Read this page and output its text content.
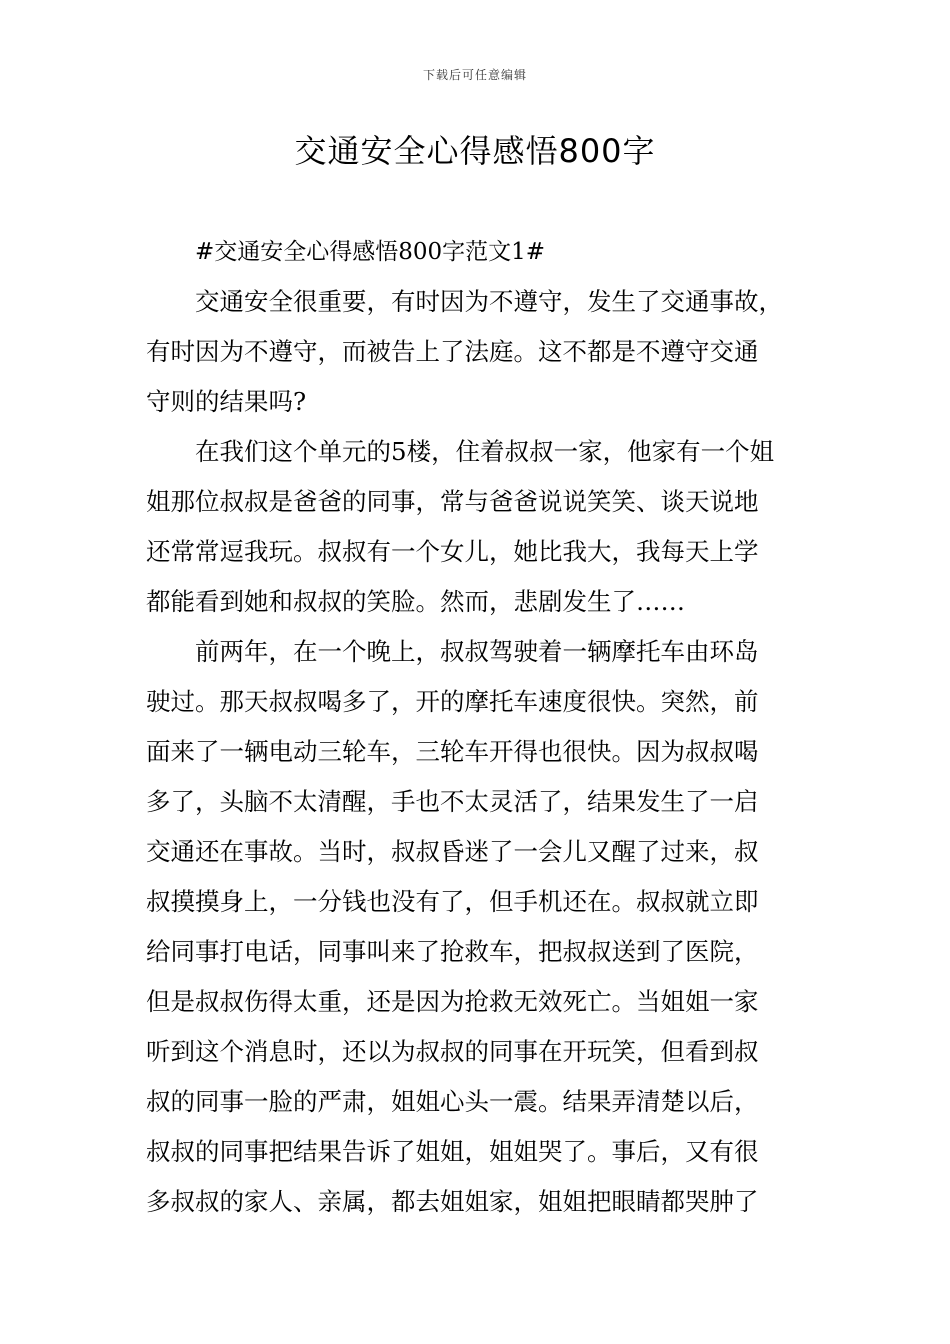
下载后可任意编辑
交通安全心得感悟800字
#交通安全心得感悟800字范文1#
交通安全很重要，有时因为不遵守，发生了交通事故，
有时因为不遵守，而被告上了法庭。这不都是不遵守交通
守则的结果吗?
在我们这个单元的5楼，住着叔叔一家，他家有一个姐
姐那位叔叔是爸爸的同事，常与爸爸说说笑笑、谈天说地
还常常逗我玩。叔叔有一个女儿，她比我大，我每天上学
都能看到她和叔叔的笑脸。然而，悲剧发生了……
前两年，在一个晚上，叔叔驾驶着一辆摩托车由环岛
驶过。那天叔叔喝多了，开的摩托车速度很快。突然，前
面来了一辆电动三轮车，三轮车开得也很快。因为叔叔喝
多了，头脑不太清醒，手也不太灵活了，结果发生了一启
交通还在事故。当时，叔叔昏迷了一会儿又醒了过来，叔
叔摸摸身上，一分钱也没有了，但手机还在。叔叔就立即
给同事打电话，同事叫来了抢救车，把叔叔送到了医院，
但是叔叔伤得太重，还是因为抢救无效死亡。当姐姐一家
听到这个消息时，还以为叔叔的同事在开玩笑，但看到叔
叔的同事一脸的严肃，姐姐心头一震。结果弄清楚以后，
叔叔的同事把结果告诉了姐姐，姐姐哭了。事后，又有很
多叔叔的家人、亲属，都去姐姐家，姐姐把眼睛都哭肿了
